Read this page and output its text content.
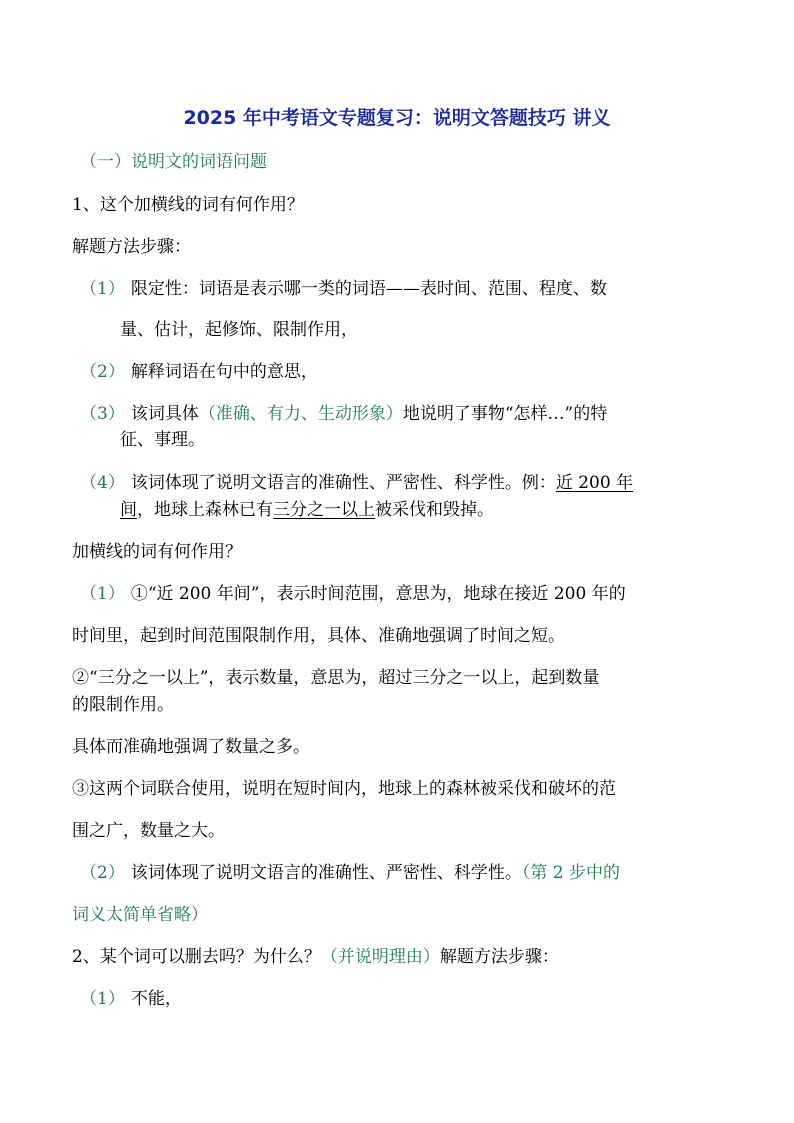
2025 年中考语文专题复习：说明文答题技巧 讲义
（一）说明文的词语问题
1、这个加横线的词有何作用？
解题方法步骤：
（1） 限定性：词语是表示哪一类的词语——表时间、范围、程度、数
量、估计，起修饰、限制作用，
（2） 解释词语在句中的意思，
（3） 该词具体（准确、有力、生动形象）地说明了事物“怎样…”的特
征、事理。
（4） 该词体现了说明文语言的准确性、严密性、科学性。例：近 200 年
间，地球上森林已有三分之一以上被采伐和毁掉。
加横线的词有何作用？
（1） ①“近 200 年间”，表示时间范围，意思为，地球在接近 200 年的
时间里，起到时间范围限制作用，具体、准确地强调了时间之短。
②“三分之一以上”，表示数量，意思为，超过三分之一以上，起到数量
的限制作用。
具体而准确地强调了数量之多。
③这两个词联合使用，说明在短时间内，地球上的森林被采伐和破坏的范
围之广，数量之大。
（2） 该词体现了说明文语言的准确性、严密性、科学性。（第 2 步中的
词义太简单省略）
2、某个词可以删去吗？为什么？（并说明理由）解题方法步骤：
（1） 不能，
